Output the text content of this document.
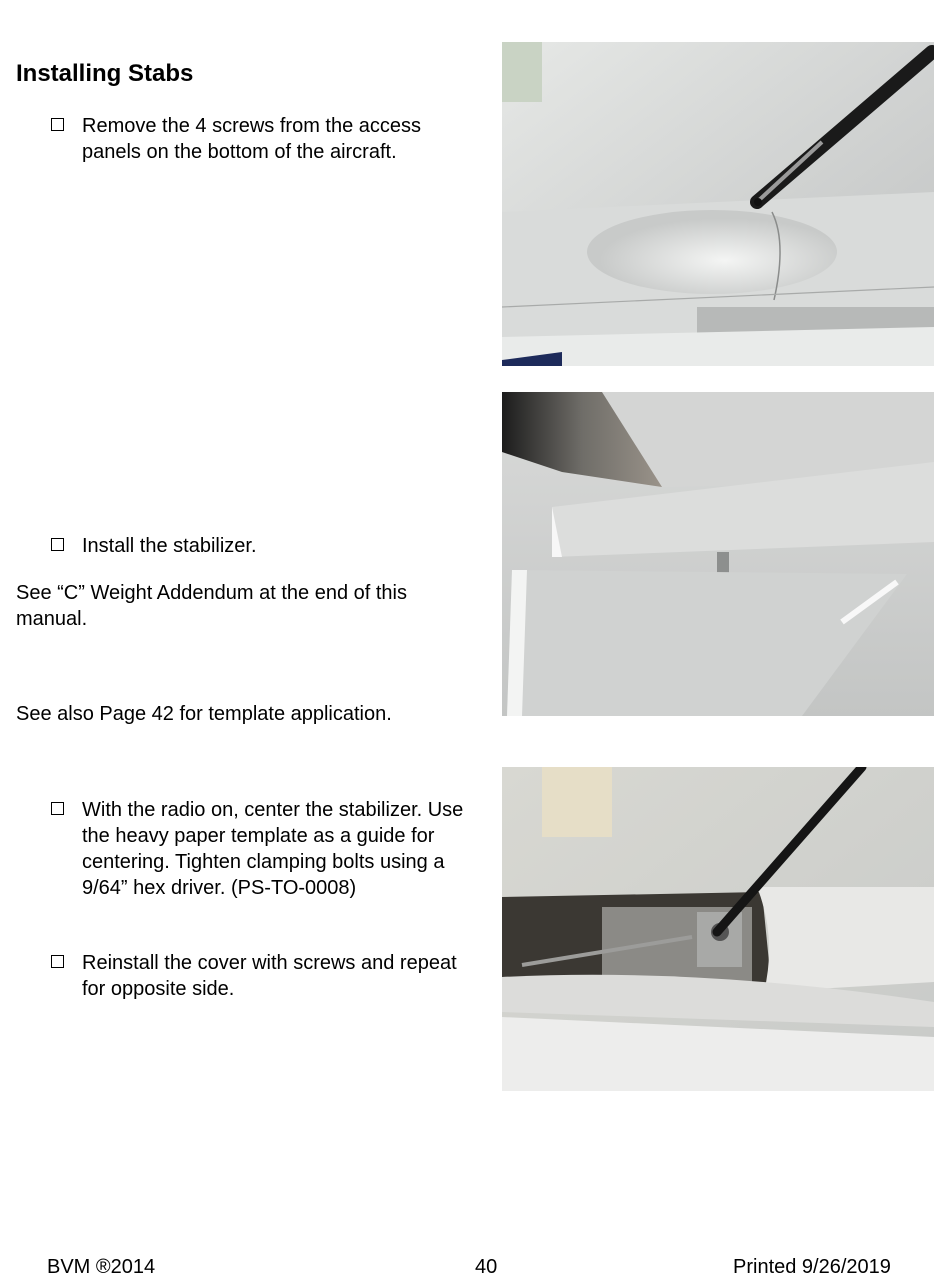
Installing Stabs
Remove the 4 screws from the access panels on the bottom of the aircraft.
Install the stabilizer.
See “C” Weight Addendum at the end of this manual.
See also Page 42 for template application.
With the radio on, center the stabilizer. Use the heavy paper template as a guide for centering. Tighten clamping bolts using a 9/64” hex driver. (PS-TO-0008)
Reinstall the cover with screws and repeat for opposite side.
BVM ®2014	40	Printed 9/26/2019
